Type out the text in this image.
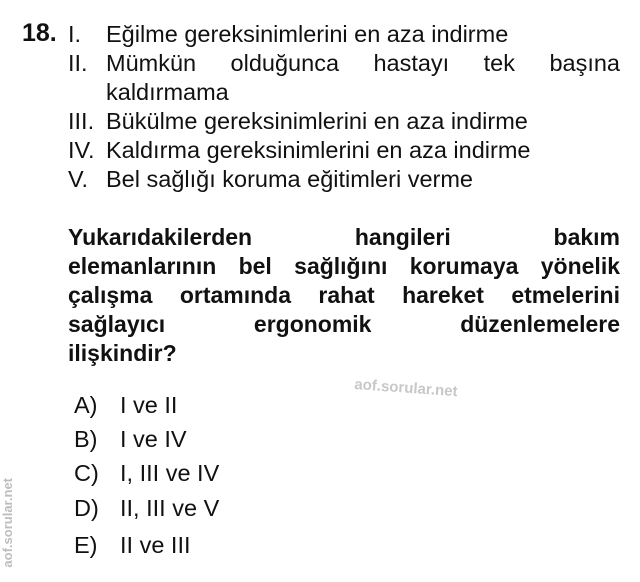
18. I. Eğilme gereksinimlerini en aza indirme
II. Mümkün olduğunca hastayı tek başına
kaldırmama
III. Bükülme gereksinimlerini en aza indirme
IV. Kaldırma gereksinimlerini en aza indirme
V. Bel sağlığı koruma eğitimleri verme
Yukarıdakilerden hangileri bakım
elemanlarının bel sağlığını korumaya yönelik
çalışma ortamında rahat hareket etmelerini
sağlayıcı ergonomik düzenlemelere
ilişkindir?
aof.sorular.net
aof.sorular.net
A) I ve II
B) I ve IV
C) I, III ve IV
D) II, III ve V
E) II ve III
